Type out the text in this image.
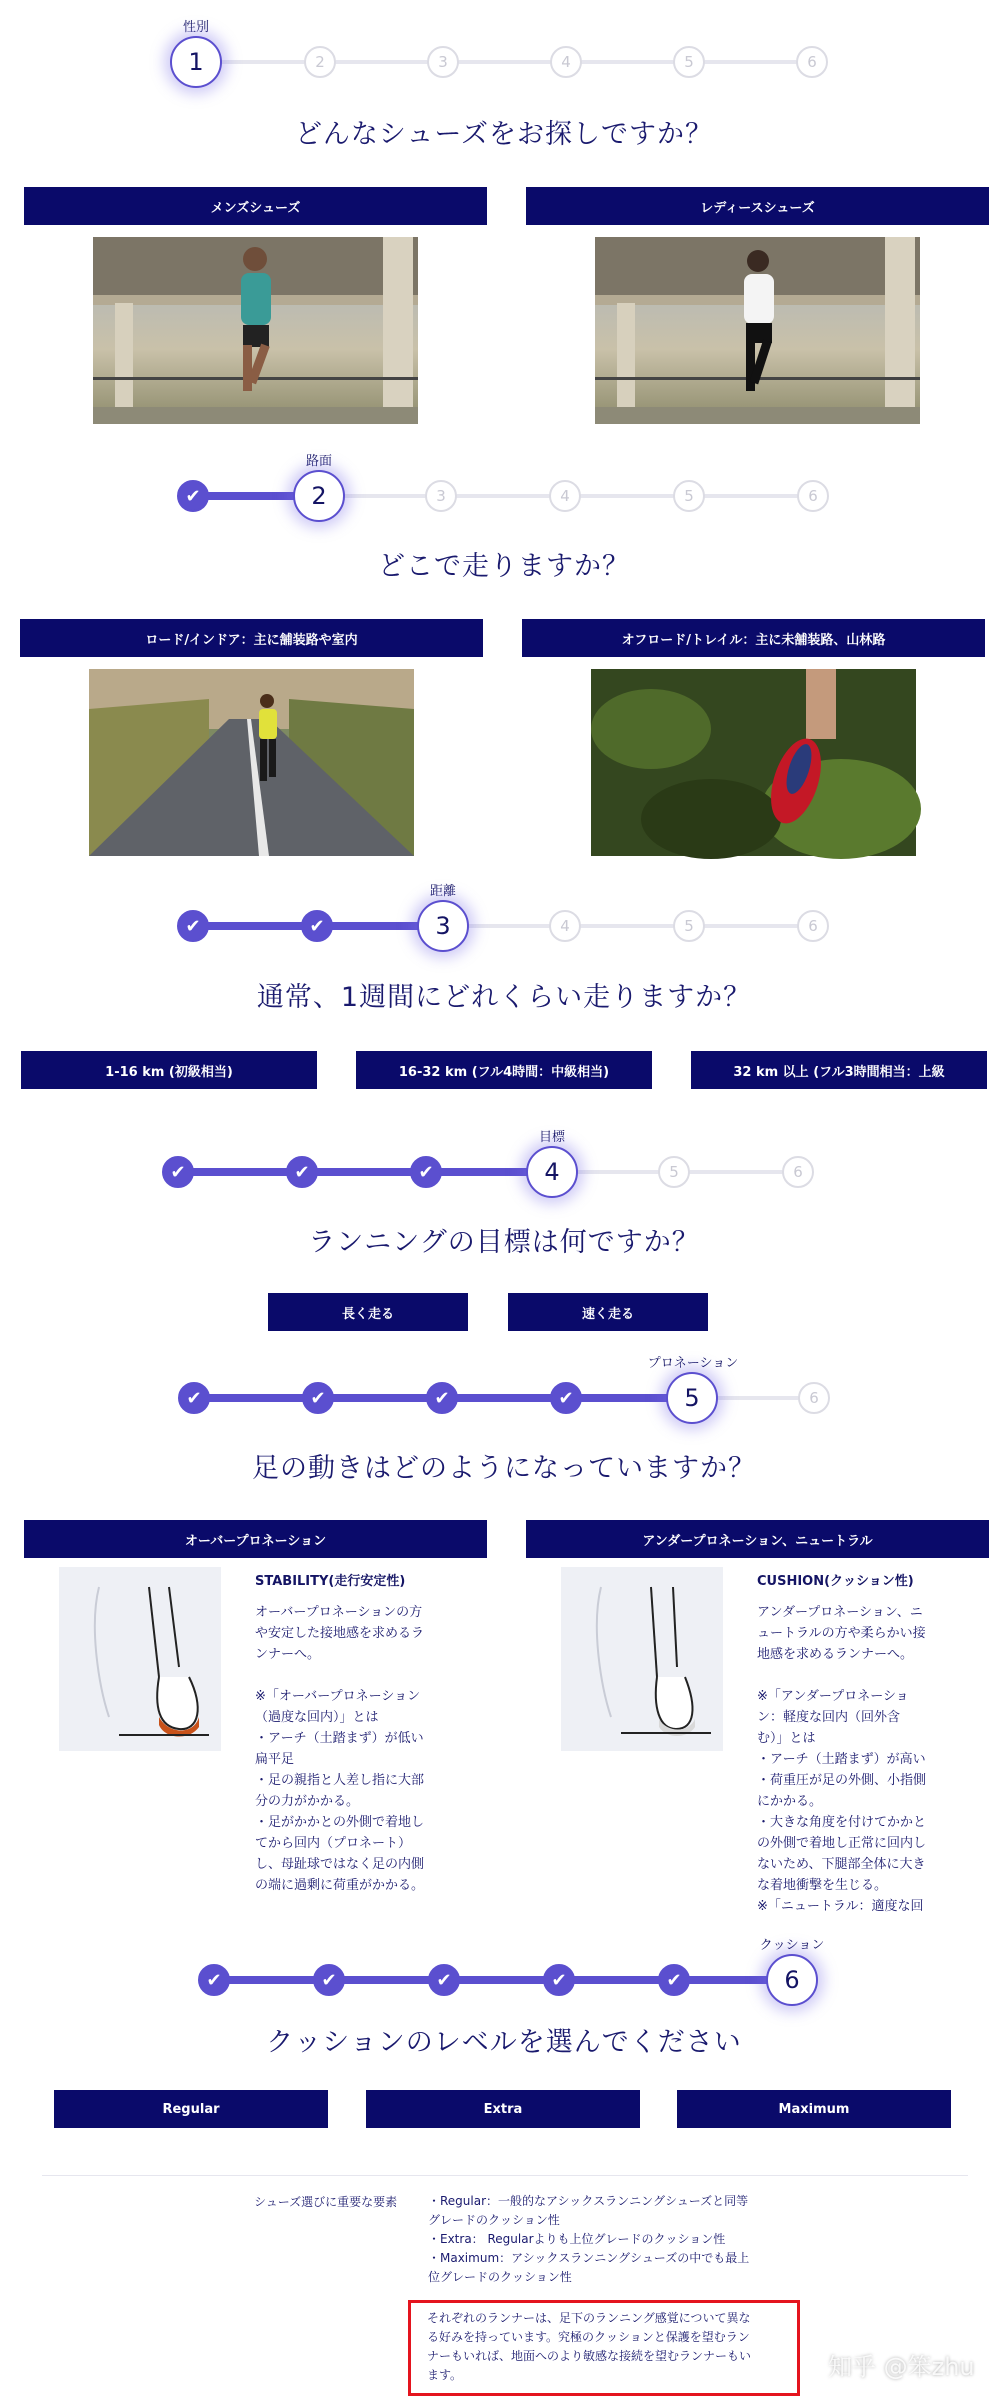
性別
1	2	3	4	5	6
どんなシューズをお探しですか？
メンズシューズ	レディースシューズ
路面
✔	2	3	4	5	6
どこで走りますか？
ロード/インドア：主に舗装路や室内	オフロード/トレイル：主に未舗装路、山林路
距離
✔	✔	3	4	5	6
通常、1週間にどれくらい走りますか？
1-16 km (初級相当)	16-32 km (フル4時間：中級相当)	32 km 以上 (フル3時間相当：上級
目標
✔	✔	✔	4	5	6
ランニングの目標は何ですか？
長く走る	速く走る
プロネーション
✔	✔	✔	✔	5	6
足の動きはどのようになっていますか？
オーバープロネーション	アンダープロネーション、ニュートラル
STABILITY(走行安定性)
オーバープロネーションの方
や安定した接地感を求めるラ
ンナーへ。

※「オーバープロネーション
（過度な回内）」とは
・アーチ（土踏まず）が低い
扁平足
・足の親指と人差し指に大部
分の力がかかる。
・足がかかとの外側で着地し
てから回内（プロネート）
し、母趾球ではなく足の内側
の端に過剰に荷重がかかる。
CUSHION(クッション性)
アンダープロネーション、ニ
ュートラルの方や柔らかい接
地感を求めるランナーへ。

※「アンダープロネーショ
ン：軽度な回内（回外含
む）」とは
・アーチ（土踏まず）が高い
・荷重圧が足の外側、小指側
にかかる。
・大きな角度を付けてかかと
の外側で着地し正常に回内し
ないため、下腿部全体に大き
な着地衝撃を生じる。
※「ニュートラル：適度な回
クッション
✔	✔	✔	✔	✔	6
クッションのレベルを選んでください
Regular	Extra	Maximum
シューズ選びに重要な要素	・Regular：一般的なアシックスランニングシューズと同等
グレードのクッション性
・Extra： Regularよりも上位グレードのクッション性
・Maximum：アシックスランニングシューズの中でも最上
位グレードのクッション性
それぞれのランナーは、足下のランニング感覚について異な
る好みを持っています。究極のクッションと保護を望むラン
ナーもいれば、地面へのより敏感な接続を望むランナーもい
ます。	知乎 @笨zhu
